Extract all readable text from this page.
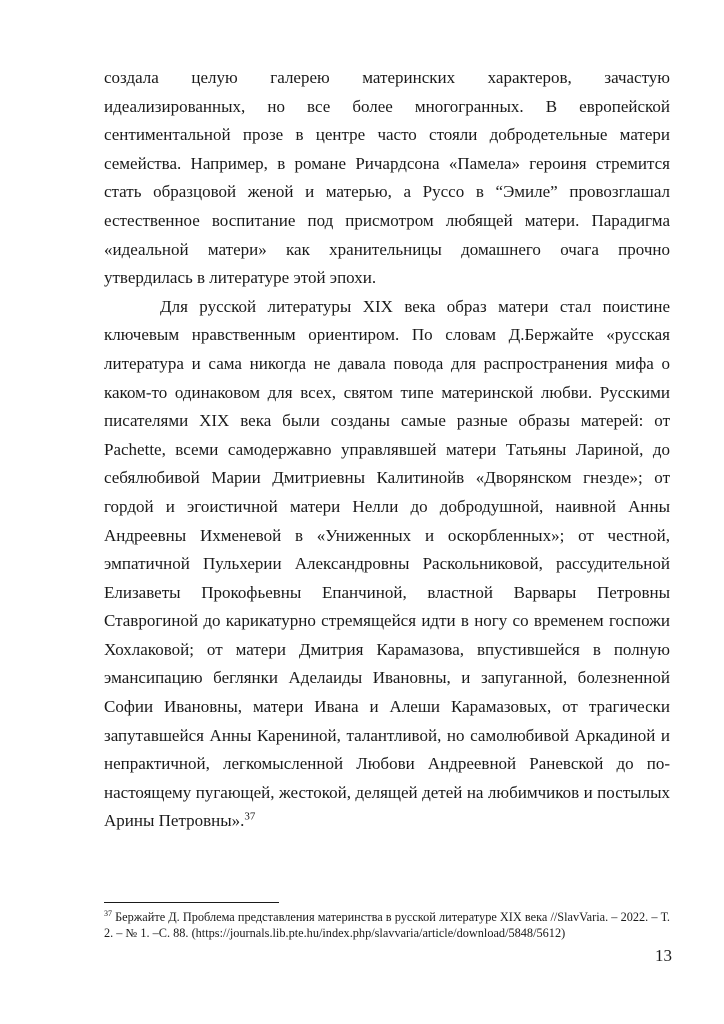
создала целую галерею материнских характеров, зачастую идеализированных, но все более многогранных. В европейской сентиментальной прозе в центре часто стояли добродетельные матери семейства. Например, в романе Ричардсона «Памела» героиня стремится стать образцовой женой и матерью, а Руссо в “Эмиле” провозглашал естественное воспитание под присмотром любящей матери. Парадигма «идеальной матери» как хранительницы домашнего очага прочно утвердилась в литературе этой эпохи.

Для русской литературы XIX века образ матери стал поистине ключевым нравственным ориентиром. По словам Д.Бержайте «русская литература и сама никогда не давала повода для распространения мифа о каком-то одинаковом для всех, святом типе материнской любви. Русскими писателями XIX века были созданы самые разные образы матерей: от Pachette, всеми самодержавно управлявшей матери Татьяны Лариной, до себялюбивой Марии Дмитриевны Калитинойв «Дворянском гнезде»; от гордой и эгоистичной матери Нелли до добродушной, наивной Анны Андреевны Ихменевой в «Униженных и оскорбленных»; от честной, эмпатичной Пульхерии Александровны Раскольниковой, рассудительной Елизаветы Прокофьевны Епанчиной, властной Варвары Петровны Ставрогиной до карикатурно стремящейся идти в ногу со временем госпожи Хохлаковой; от матери Дмитрия Карамазова, впустившейся в полную эмансипацию беглянки Аделаиды Ивановны, и запуганной, болезненной Софии Ивановны, матери Ивана и Алеши Карамазовых, от трагически запутавшейся Анны Карениной, талантливой, но самолюбивой Аркадиной и непрактичной, легкомысленной Любови Андреевной Раневской до по-настоящему пугающей, жестокой, делящей детей на любимчиков и постылых Арины Петровны».$^{37}$

$^{37}$ Бержайте Д. Проблема представления материнства в русской литературе XIX века //SlavVaria. – 2022. – Т. 2. – № 1. –С. 88. (https://journals.lib.pte.hu/index.php/slavvaria/article/download/5848/5612)
13
